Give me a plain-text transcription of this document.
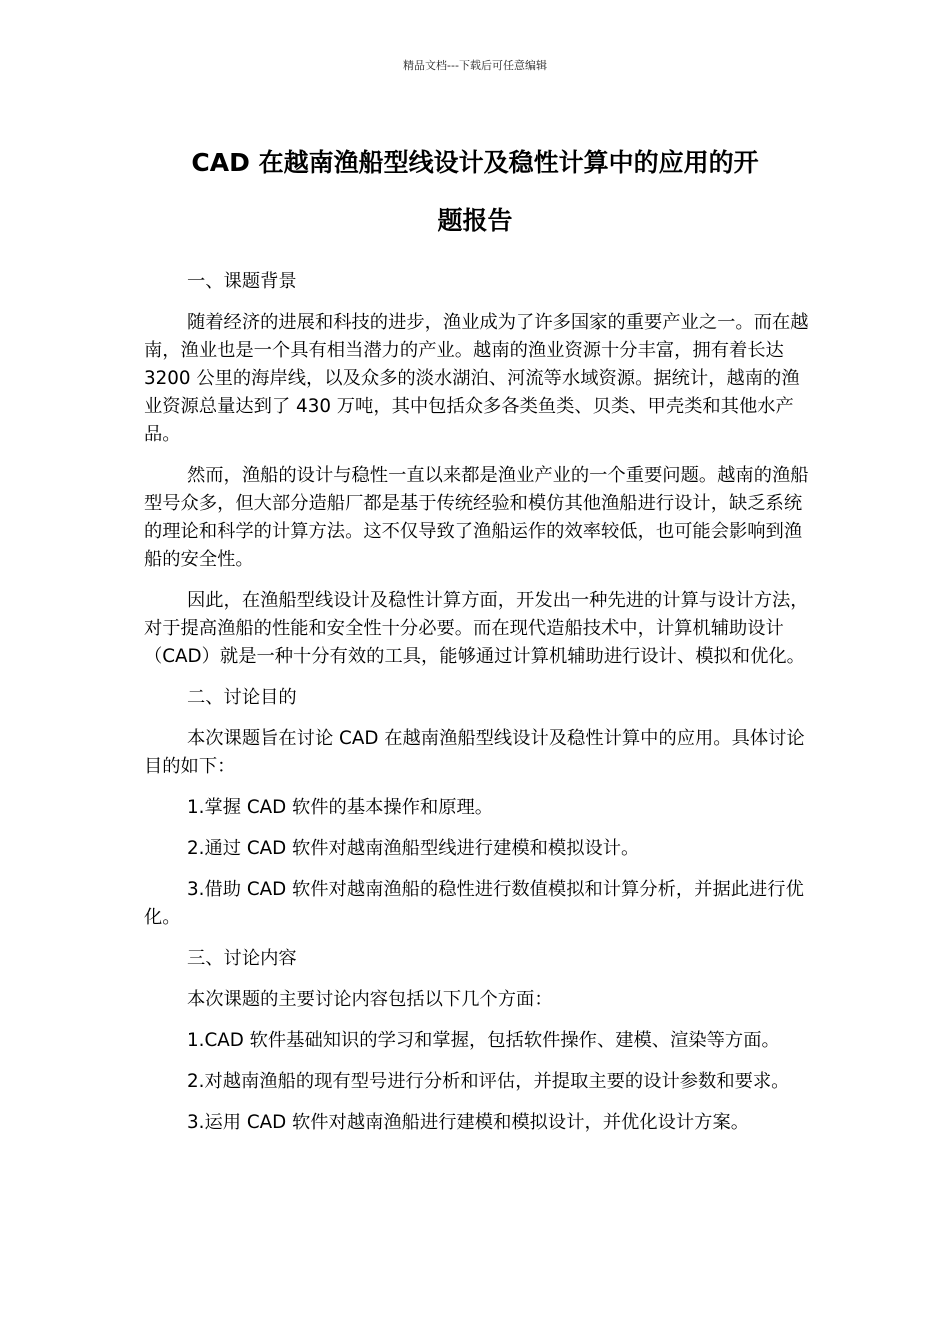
精品文档---下载后可任意编辑
CAD 在越南渔船型线设计及稳性计算中的应用的开
题报告

一、课题背景

随着经济的进展和科技的进步，渔业成为了许多国家的重要产业之一。而在越南，渔业也是一个具有相当潜力的产业。越南的渔业资源十分丰富，拥有着长达 3200 公里的海岸线，以及众多的淡水湖泊、河流等水域资源。据统计，越南的渔业资源总量达到了 430 万吨，其中包括众多各类鱼类、贝类、甲壳类和其他水产品。

然而，渔船的设计与稳性一直以来都是渔业产业的一个重要问题。越南的渔船型号众多，但大部分造船厂都是基于传统经验和模仿其他渔船进行设计，缺乏系统的理论和科学的计算方法。这不仅导致了渔船运作的效率较低，也可能会影响到渔船的安全性。

因此，在渔船型线设计及稳性计算方面，开发出一种先进的计算与设计方法，对于提高渔船的性能和安全性十分必要。而在现代造船技术中，计算机辅助设计（CAD）就是一种十分有效的工具，能够通过计算机辅助进行设计、模拟和优化。

二、讨论目的

本次课题旨在讨论 CAD 在越南渔船型线设计及稳性计算中的应用。具体讨论目的如下：

1.掌握 CAD 软件的基本操作和原理。

2.通过 CAD 软件对越南渔船型线进行建模和模拟设计。

3.借助 CAD 软件对越南渔船的稳性进行数值模拟和计算分析，并据此进行优化。

三、讨论内容

本次课题的主要讨论内容包括以下几个方面：

1.CAD 软件基础知识的学习和掌握，包括软件操作、建模、渲染等方面。

2.对越南渔船的现有型号进行分析和评估，并提取主要的设计参数和要求。

3.运用 CAD 软件对越南渔船进行建模和模拟设计，并优化设计方案。
